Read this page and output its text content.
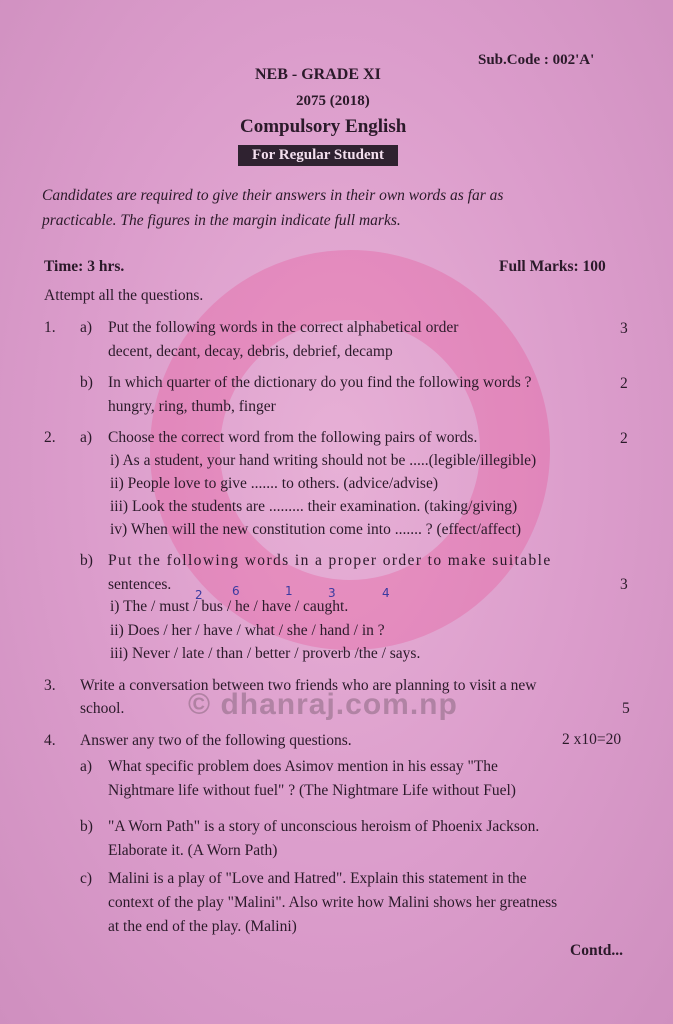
© dhanraj.com.np
Sub.Code : 002'A'
NEB - GRADE XI
2075 (2018)
Compulsory English
For Regular Student
Candidates are required to give their answers in their own words as far as
practicable. The figures in the margin indicate full marks.
Time: 3 hrs.	Full Marks: 100
Attempt all the questions.
1. a) Put the following words in the correct alphabetical order	3
decent, decant, decay, debris, debrief, decamp
b) In which quarter of the dictionary do you find the following words ?	2
hungry, ring, thumb, finger
2. a) Choose the correct word from the following pairs of words.	2
i) As a student, your hand writing should not be .....(legible/illegible)
ii) People love to give ....... to others. (advice/advise)
iii) Look the students are ......... their examination. (taking/giving)
iv) When will the new constitution come into ....... ? (effect/affect)
b) Put the following words in a proper order to make suitable
sentences.	3
2 6	1	3	4
i) The / must / bus / he / have / caught.
ii) Does / her / have / what / she / hand / in ?
iii) Never / late / than / better / proverb /the / says.
3. Write a conversation between two friends who are planning to visit a new
school.	5
4. Answer any two of the following questions.	2 x10=20
a) What specific problem does Asimov mention in his essay "The
Nightmare life without fuel" ? (The Nightmare Life without Fuel)
b) "A Worn Path" is a story of unconscious heroism of Phoenix Jackson.
Elaborate it. (A Worn Path)
c) Malini is a play of "Love and Hatred". Explain this statement in the
context of the play "Malini". Also write how Malini shows her greatness
at the end of the play. (Malini)
Contd...
